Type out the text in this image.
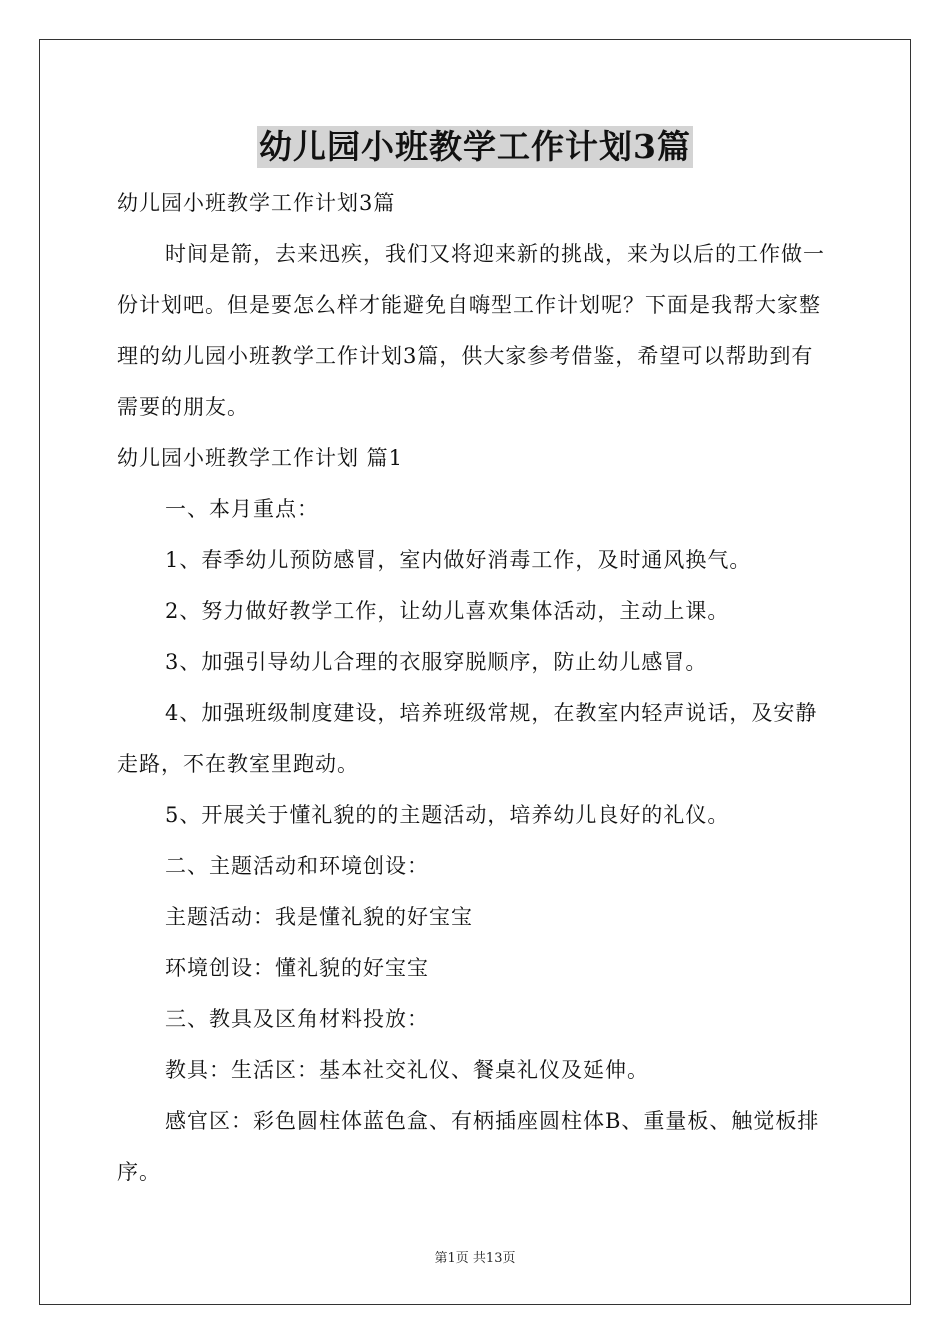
幼儿园小班教学工作计划3篇

幼儿园小班教学工作计划3篇

时间是箭，去来迅疾，我们又将迎来新的挑战，来为以后的工作做一份计划吧。但是要怎么样才能避免自嗨型工作计划呢？下面是我帮大家整理的幼儿园小班教学工作计划3篇，供大家参考借鉴，希望可以帮助到有需要的朋友。

幼儿园小班教学工作计划 篇1

一、本月重点：

1、春季幼儿预防感冒，室内做好消毒工作，及时通风换气。

2、努力做好教学工作，让幼儿喜欢集体活动，主动上课。

3、加强引导幼儿合理的衣服穿脱顺序，防止幼儿感冒。

4、加强班级制度建设，培养班级常规，在教室内轻声说话，及安静走路，不在教室里跑动。

5、开展关于懂礼貌的的主题活动，培养幼儿良好的礼仪。

二、主题活动和环境创设：

主题活动：我是懂礼貌的好宝宝

环境创设：懂礼貌的好宝宝

三、教具及区角材料投放：

教具：生活区：基本社交礼仪、餐桌礼仪及延伸。

感官区：彩色圆柱体蓝色盒、有柄插座圆柱体B、重量板、触觉板排序。

第1页 共13页
